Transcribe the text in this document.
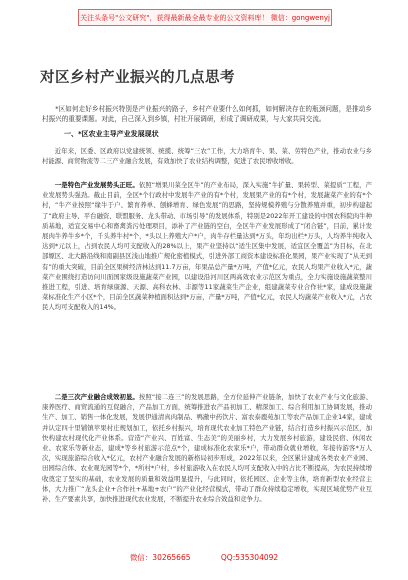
关注头条号"公文研究"，获得最新最全最专业的公文资料库！ 微信：gongwenyj
对区乡村产业振兴的几点思考
*区如何走好乡村振兴特别是产业振兴的路子，乡村产业要什么如何抓，如何解决存在的瓶颈问题，是推动乡村振兴的重要课题。对此，自己深入到乡镇，村社开展调研，形成了调研成果，与大家共同交流。
一、*区农业主导产业发展现状
近年来，区委、区政府以党建统领、统揽、统筹“三农”工作，大力培育牛、果、菜、劳特色产业，推动农业与乡村能源、商贸物流等二三产业融合发展，有效加快了农业结构调整，促进了农民增收增收。
一是特色产业发展势头正旺。依照“增果川菜全区牛”的产业布局，深入实施“牛扩量、果转型、菜提质”工程，产业发展势头强劲。截止目前，全区*个行政村中发展牛产业的有*个村，发展果产业的有*个村，发展蔬菜产业的有*个村，“牛产业按照“缘牛于户、繁育养单、刨蜂增育、绿色发展”的思路，坚持规模养殖与分散养殖并重，初步构建起了“政府主导、平台融资、联盟服务、龙头带动、市场引导”的发展体系，特别是2022年开工建设的中国农科院肉牛种质基地，适宜交易中心和畜禽粪污处理项目，添补了产业链的空白，全区牛产业发展形成了“闭合链”，目前，累计发展肉牛养牛乡*个，千头养牛村*个，*头以上养殖大户*户，肉牛存栏量达到*万头，年均出栏*万头，人均养牛纯收入达到*元以上，占到农民人均可支配收入的28%以上，果产业坚持以“适生区集中发展，适宜区全覆盖”为目标，在北部塬区、北大路沿线和南副县区浅山地推广规化密植模式，引进外部工商资本建设标准化果园，果产业实现了“从无到有”的重大突破，目前全区果树经济林达到11.7万亩，年果品总产量*万吨，产值*亿元，农民人均果产业收入*元，蔬菜产业围绕打造访问川面国家级设施蔬菜产业园，以建设沿河川区两高效农业示范区为重点，全力实施设施蔬菜整川推进工程，引进、培育绿康源、天源、高科农林、丰源等11家蔬菜生产企业，组建蔬菜专业合作社*家，建成设施蔬菜标准化生产小区*个，目前全区蔬菜种植面积达到*万亩，产量*万吨，产值*亿元，农民人均蔬菜产业收入*元，占农民人均可支配收入的14%。
二是三次产业融合成效初显。按照“接二连三”的发展思路，全方位延伸产业链条，加快了农业产业与文化旅游、康养医疗、商贸流通的互促融合，产品加工方面，统筹推进农产品初加工、精深加工、综合利用加工协调发展，推动生产、加工、销售一体化发展，发展伊通清真肉制品、鸭澈中药饮片、富农泰鹿苑加工等农产品加工企业14家，建成并认定四十里铺镇苹果村庄规划加工，依托乡村振兴，培育现代农业加工特色产业链，结合打造乡村振兴示范区，加快构建农村现代化产业体系。营造“产业兴、百姓富、生态美”的美丽乡村，大力发展乡村旅游，建设民宿、休闲农业、农家乐等新业态，建成*等乡村旅游示范点*个，建成标准化农家乐*户，带动群众就业增收，年接待游客*万人次，实现旅游综合收入*亿元，农村产业融合发展的新格局初步形成，2022年以来，全区累计建成各类农业产业园、田园综合体、农业观光园等*个，*所村*户村，乡村旅游收入在农民人均可支配收入中的占比不断提高，为农民持续增收奠定了坚实的基础，农业发展的质量和效益明显提升，与此同时，依托园区、企业等主体，培育新型农业经营主体，大力推广“龙头企业+合作社+基地+农户”的产业化经营模式，带动了群众持续稳定增收，实现区域优势产业互补、生产要素共享，加快推进现代农业发展，不断提升农业综合效益和竞争力。
微信：30265665	QQ:535304092
